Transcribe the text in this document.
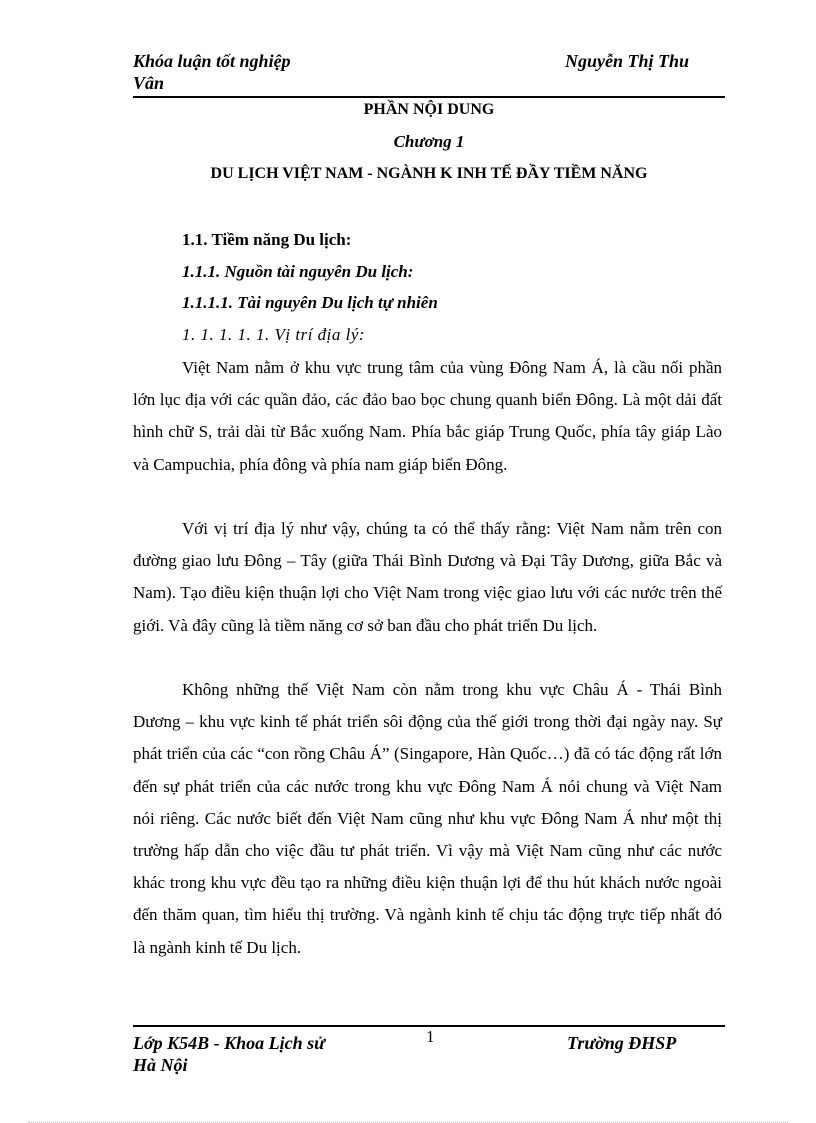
Khóa luận tốt nghiệp
Vân
Nguyễn Thị Thu
PHẦN NỘI DUNG
Chương 1
DU LỊCH VIỆT NAM - NGÀNH K INH TẾ ĐẦY TIỀM NĂNG
1.1. Tiềm năng Du lịch:
1.1.1. Nguồn tài nguyên Du lịch:
1.1.1.1. Tài nguyên Du lịch tự nhiên
1. 1. 1. 1. 1. Vị trí địa lý:

Việt Nam nằm ở khu vực trung tâm của vùng Đông Nam Á, là cầu nối phần lớn lục địa với các quần đảo, các đảo bao bọc chung quanh biển Đông. Là một dải đất hình chữ S, trải dài từ Bắc xuống Nam. Phía bắc giáp Trung Quốc, phía tây giáp Lào và Campuchia, phía đông và phía nam giáp biển Đông.

Với vị trí địa lý như vậy, chúng ta có thể thấy rằng: Việt Nam nằm trên con đường giao lưu Đông – Tây (giữa Thái Bình Dương và Đại Tây Dương, giữa Bắc và Nam). Tạo điều kiện thuận lợi cho Việt Nam trong việc giao lưu với các nước trên thế giới. Và đây cũng là tiềm năng cơ sở ban đầu cho phát triển Du lịch.

Không những thế Việt Nam còn nằm trong khu vực Châu Á - Thái Bình Dương – khu vực kinh tế phát triển sôi động của thế giới trong thời đại ngày nay. Sự phát triển của các “con rồng Châu Á” (Singapore, Hàn Quốc…) đã có tác động rất lớn đến sự phát triển của các nước trong khu vực Đông Nam Á nói chung và Việt Nam nói riêng. Các nước biết đến Việt Nam cũng như khu vực Đông Nam Á như một thị trường hấp dẫn cho việc đầu tư phát triển. Vì vậy mà Việt Nam cũng như các nước khác trong khu vực đều tạo ra những điều kiện thuận lợi để thu hút khách nước ngoài đến thăm quan, tìm hiểu thị trường. Và ngành kinh tế chịu tác động trực tiếp nhất đó là ngành kinh tế Du lịch.

Lớp K54B - Khoa Lịch sử
Hà Nội
1	Trường ĐHSP
